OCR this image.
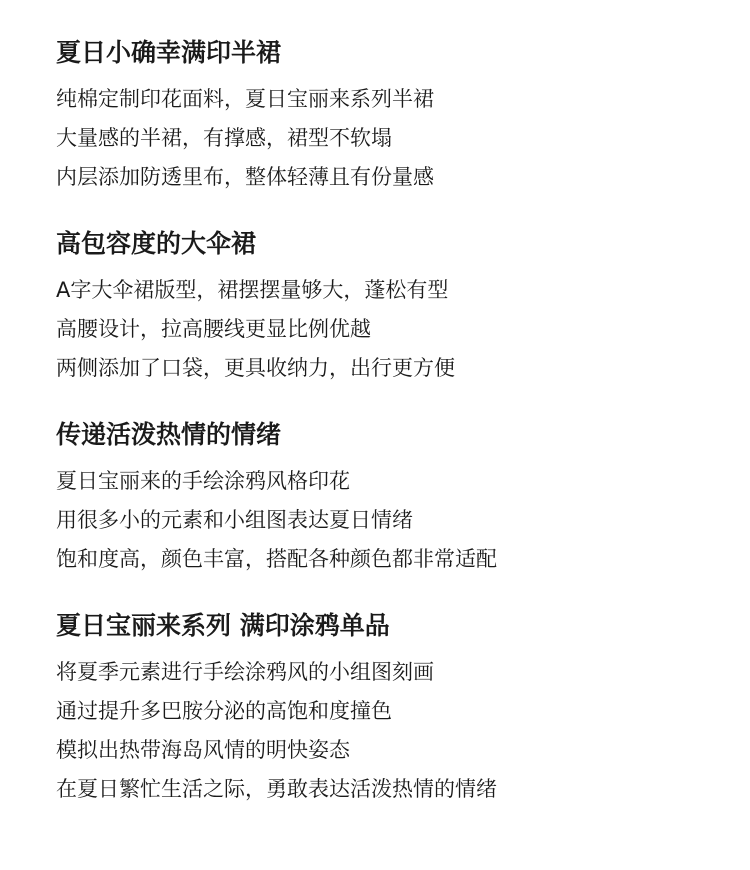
夏日小确幸满印半裙

纯棉定制印花面料，夏日宝丽来系列半裙

大量感的半裙，有撑感，裙型不软塌

内层添加防透里布，整体轻薄且有份量感

高包容度的大伞裙

A字大伞裙版型，裙摆摆量够大，蓬松有型

高腰设计，拉高腰线更显比例优越

两侧添加了口袋，更具收纳力，出行更方便

传递活泼热情的情绪

夏日宝丽来的手绘涂鸦风格印花

用很多小的元素和小组图表达夏日情绪

饱和度高，颜色丰富，搭配各种颜色都非常适配

夏日宝丽来系列 满印涂鸦单品

将夏季元素进行手绘涂鸦风的小组图刻画

通过提升多巴胺分泌的高饱和度撞色

模拟出热带海岛风情的明快姿态

在夏日繁忙生活之际，勇敢表达活泼热情的情绪
